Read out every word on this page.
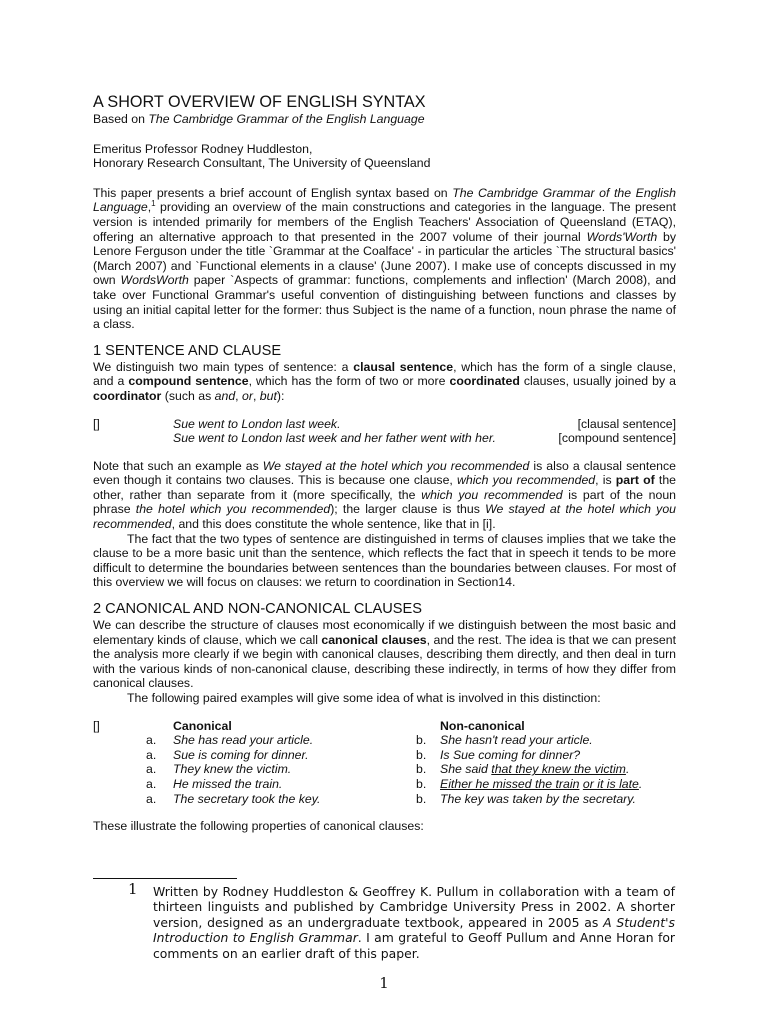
A SHORT OVERVIEW OF ENGLISH SYNTAX

Based on The Cambridge Grammar of the English Language

Emeritus Professor Rodney Huddleston,

Honorary Research Consultant, The University of Queensland

This paper presents a brief account of English syntax based on The Cambridge Grammar of the English Language,$^1$ providing an overview of the main constructions and categories in the language. The present version is intended primarily for members of the English Teachers' Association of Queensland (ETAQ), offering an alternative approach to that presented in the 2007 volume of their journal Words'Worth by Lenore Ferguson under the title `Grammar at the Coalface' - in particular the articles `The structural basics' (March 2007) and `Functional elements in a clause' (June 2007). I make use of concepts discussed in my own WordsWorth paper `Aspects of grammar: functions, complements and inflection' (March 2008), and take over Functional Grammar's useful convention of distinguishing between functions and classes by using an initial capital letter for the former: thus Subject is the name of a function, noun phrase the name of a class.

1 SENTENCE AND CLAUSE

We distinguish two main types of sentence: a clausal sentence, which has the form of a single clause, and a compound sentence, which has the form of two or more coordinated clauses, usually joined by a coordinator (such as and, or, but):

[]	Sue went to London last week.	[clausal sentence]
Sue went to London last week and her father went with her.	[compound sentence]

Note that such an example as We stayed at the hotel which you recommended is also a clausal sentence even though it contains two clauses. This is because one clause, which you recommended, is part of the other, rather than separate from it (more specifically, the which you recommended is part of the noun phrase the hotel which you recommended); the larger clause is thus We stayed at the hotel which you recommended, and this does constitute the whole sentence, like that in [i].

The fact that the two types of sentence are distinguished in terms of clauses implies that we take the clause to be a more basic unit than the sentence, which reflects the fact that in speech it tends to be more difficult to determine the boundaries between sentences than the boundaries between clauses. For most of this overview we will focus on clauses: we return to coordination in Section14.

2 CANONICAL AND NON-CANONICAL CLAUSES

We can describe the structure of clauses most economically if we distinguish between the most basic and elementary kinds of clause, which we call canonical clauses, and the rest. The idea is that we can present the analysis more clearly if we begin with canonical clauses, describing them directly, and then deal in turn with the various kinds of non-canonical clause, describing these indirectly, in terms of how they differ from canonical clauses.

The following paired examples will give some idea of what is involved in this distinction:

[]	Canonical	Non-canonical
a. She has read your article.	b. She hasn't read your article.
a. Sue is coming for dinner.	b. Is Sue coming for dinner?
a. They knew the victim.	b. She said that they knew the victim.
a. He missed the train.	b. Either he missed the train or it is late.
a. The secretary took the key.	b. The key was taken by the secretary.

These illustrate the following properties of canonical clauses:

1 Written by Rodney Huddleston & Geoffrey K. Pullum in collaboration with a team of thirteen linguists and published by Cambridge University Press in 2002. A shorter version, designed as an undergraduate textbook, appeared in 2005 as A Student's Introduction to English Grammar. I am grateful to Geoff Pullum and Anne Horan for comments on an earlier draft of this paper.

1
